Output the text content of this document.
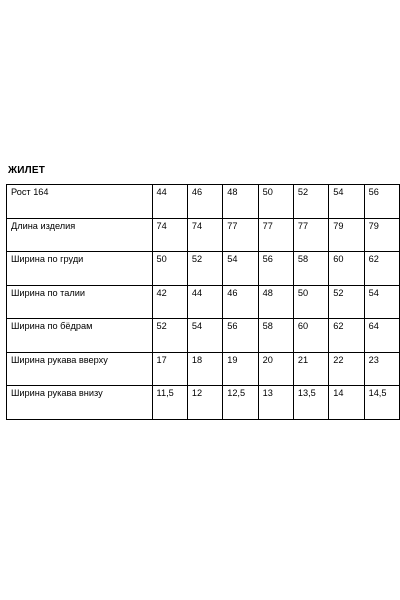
ЖИЛЕТ
Рост 164	44	46	48	50	52	54	56
Длина изделия	74	74	77	77	77	79	79
Ширина по груди	50	52	54	56	58	60	62
Ширина по талии	42	44	46	48	50	52	54
Ширина по бёдрам	52	54	56	58	60	62	64
Ширина рукава вверху	17	18	19	20	21	22	23
Ширина рукава внизу	11,5	12	12,5	13	13,5	14	14,5
